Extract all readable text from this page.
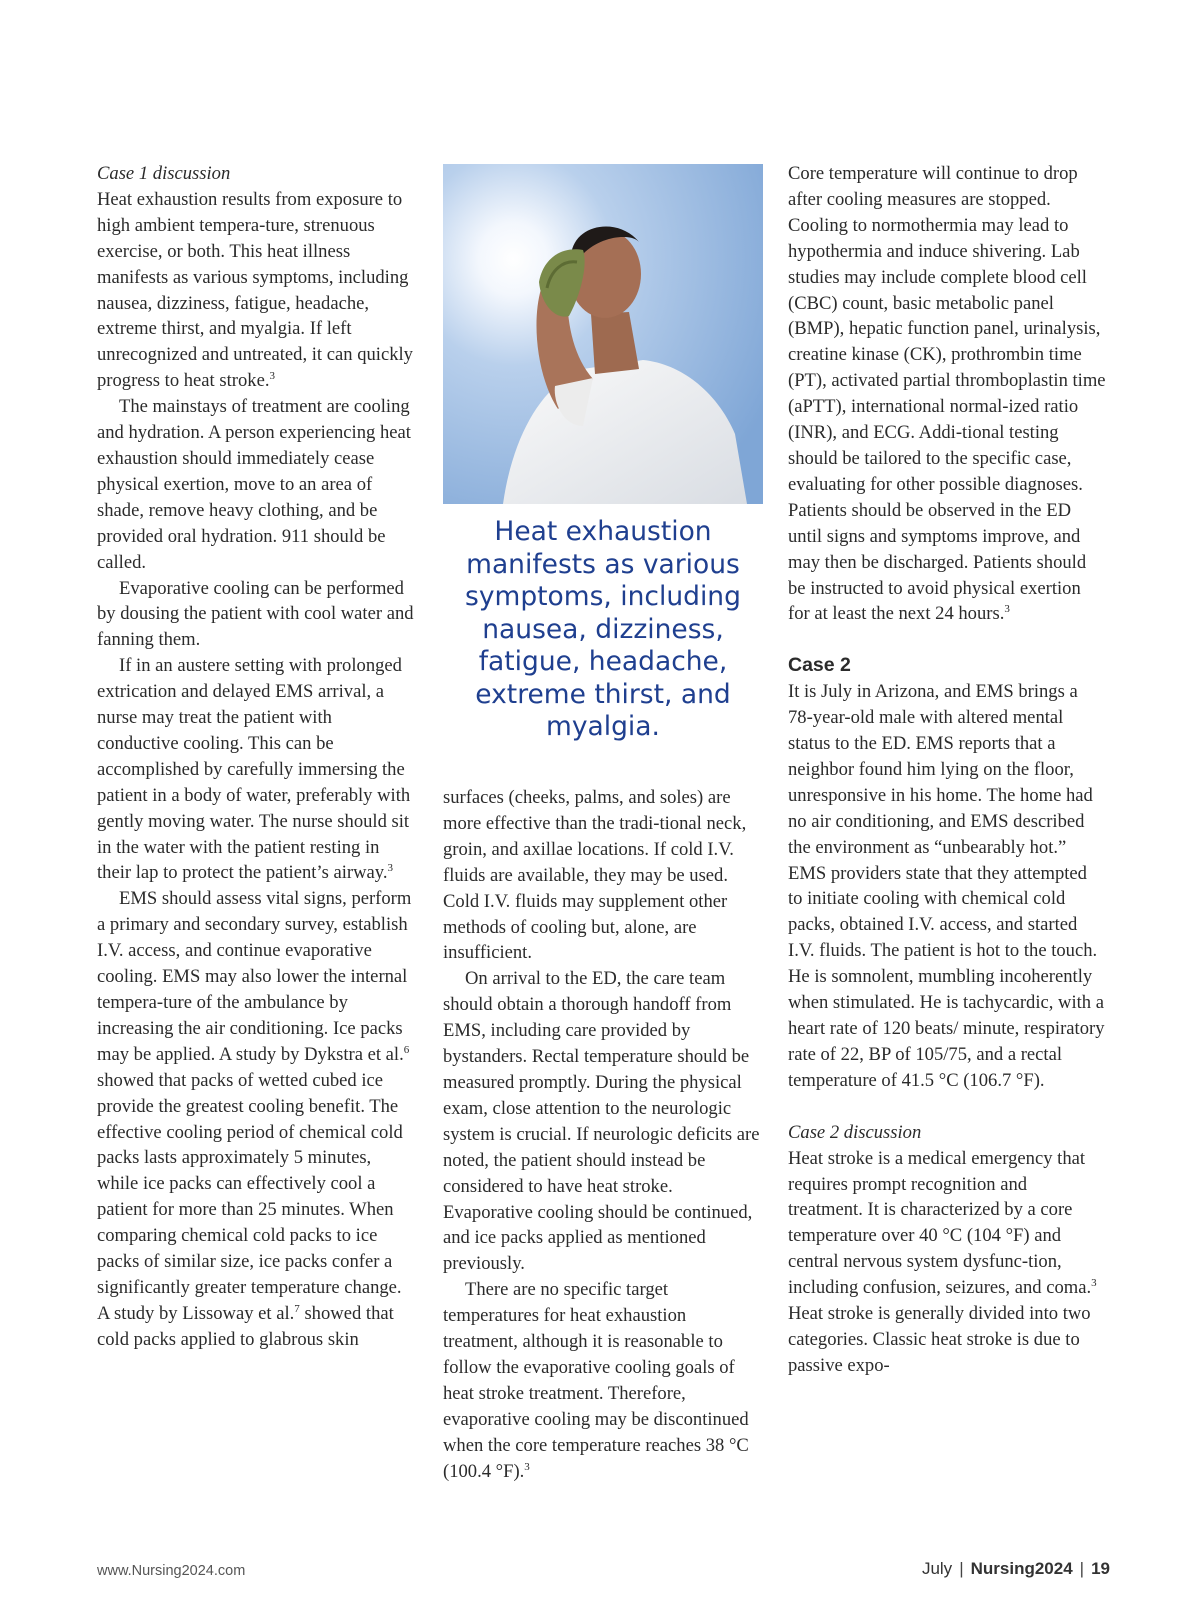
Case 1 discussion

Heat exhaustion results from exposure to high ambient tempera-ture, strenuous exercise, or both. This heat illness manifests as various symptoms, including nausea, dizziness, fatigue, headache, extreme thirst, and myalgia. If left unrecognized and untreated, it can quickly progress to heat stroke.$^3$

The mainstays of treatment are cooling and hydration. A person experiencing heat exhaustion should immediately cease physical exertion, move to an area of shade, remove heavy clothing, and be provided oral hydration. 911 should be called.

Evaporative cooling can be performed by dousing the patient with cool water and fanning them.

If in an austere setting with prolonged extrication and delayed EMS arrival, a nurse may treat the patient with conductive cooling. This can be accomplished by carefully immersing the patient in a body of water, preferably with gently moving water. The nurse should sit in the water with the patient resting in their lap to protect the patient’s airway.$^3$

EMS should assess vital signs, perform a primary and secondary survey, establish I.V. access, and continue evaporative cooling. EMS may also lower the internal tempera-ture of the ambulance by increasing the air conditioning. Ice packs may be applied. A study by Dykstra et al.$^6$ showed that packs of wetted cubed ice provide the greatest cooling benefit. The effective cooling period of chemical cold packs lasts approximately 5 minutes, while ice packs can effectively cool a patient for more than 25 minutes. When comparing chemical cold packs to ice packs of similar size, ice packs confer a significantly greater temperature change. A study by Lissoway et al.$^7$ showed that cold packs applied to glabrous skin

Heat exhaustion manifests as various symptoms, including nausea, dizziness, fatigue, headache, extreme thirst, and myalgia.

surfaces (cheeks, palms, and soles) are more effective than the tradi-tional neck, groin, and axillae locations. If cold I.V. fluids are available, they may be used. Cold I.V. fluids may supplement other methods of cooling but, alone, are insufficient.

On arrival to the ED, the care team should obtain a thorough handoff from EMS, including care provided by bystanders. Rectal temperature should be measured promptly. During the physical exam, close attention to the neurologic system is crucial. If neurologic deficits are noted, the patient should instead be considered to have heat stroke. Evaporative cooling should be continued, and ice packs applied as mentioned previously.

There are no specific target temperatures for heat exhaustion treatment, although it is reasonable to follow the evaporative cooling goals of heat stroke treatment. Therefore, evaporative cooling may be discontinued when the core temperature reaches 38 °C (100.4 °F).$^3$

Core temperature will continue to drop after cooling measures are stopped. Cooling to normothermia may lead to hypothermia and induce shivering. Lab studies may include complete blood cell (CBC) count, basic metabolic panel (BMP), hepatic function panel, urinalysis, creatine kinase (CK), prothrombin time (PT), activated partial thromboplastin time (aPTT), international normal-ized ratio (INR), and ECG. Addi-tional testing should be tailored to the specific case, evaluating for other possible diagnoses. Patients should be observed in the ED until signs and symptoms improve, and may then be discharged. Patients should be instructed to avoid physical exertion for at least the next 24 hours.$^3$

Case 2

It is July in Arizona, and EMS brings a 78-year-old male with altered mental status to the ED. EMS reports that a neighbor found him lying on the floor, unresponsive in his home. The home had no air conditioning, and EMS described the environment as “unbearably hot.” EMS providers state that they attempted to initiate cooling with chemical cold packs, obtained I.V. access, and started I.V. fluids. The patient is hot to the touch. He is somnolent, mumbling incoherently when stimulated. He is tachycardic, with a heart rate of 120 beats/ minute, respiratory rate of 22, BP of 105/75, and a rectal temperature of 41.5 °C (106.7 °F).

Case 2 discussion

Heat stroke is a medical emergency that requires prompt recognition and treatment. It is characterized by a core temperature over 40 °C (104 °F) and central nervous system dysfunc-tion, including confusion, seizures, and coma.$^3$ Heat stroke is generally divided into two categories. Classic heat stroke is due to passive expo-

www.Nursing2024.com	July | Nursing2024 | 19
